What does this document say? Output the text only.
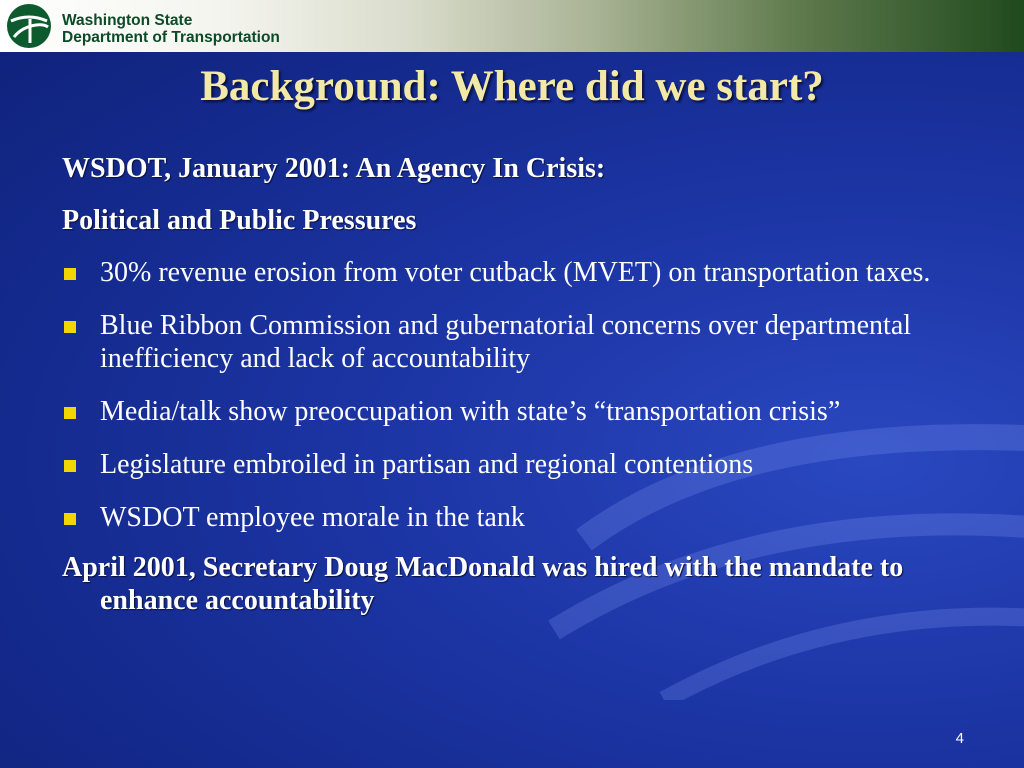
Washington State
Department of Transportation
Background: Where did we start?
WSDOT, January 2001: An Agency In Crisis:
Political and Public Pressures
30% revenue erosion from voter cutback (MVET) on transportation taxes.
Blue Ribbon Commission and gubernatorial concerns over departmental inefficiency and lack of accountability
Media/talk show preoccupation with state’s “transportation crisis”
Legislature embroiled in partisan and regional contentions
WSDOT employee morale in the tank
April 2001, Secretary Doug MacDonald was hired with the mandate to enhance accountability
4
